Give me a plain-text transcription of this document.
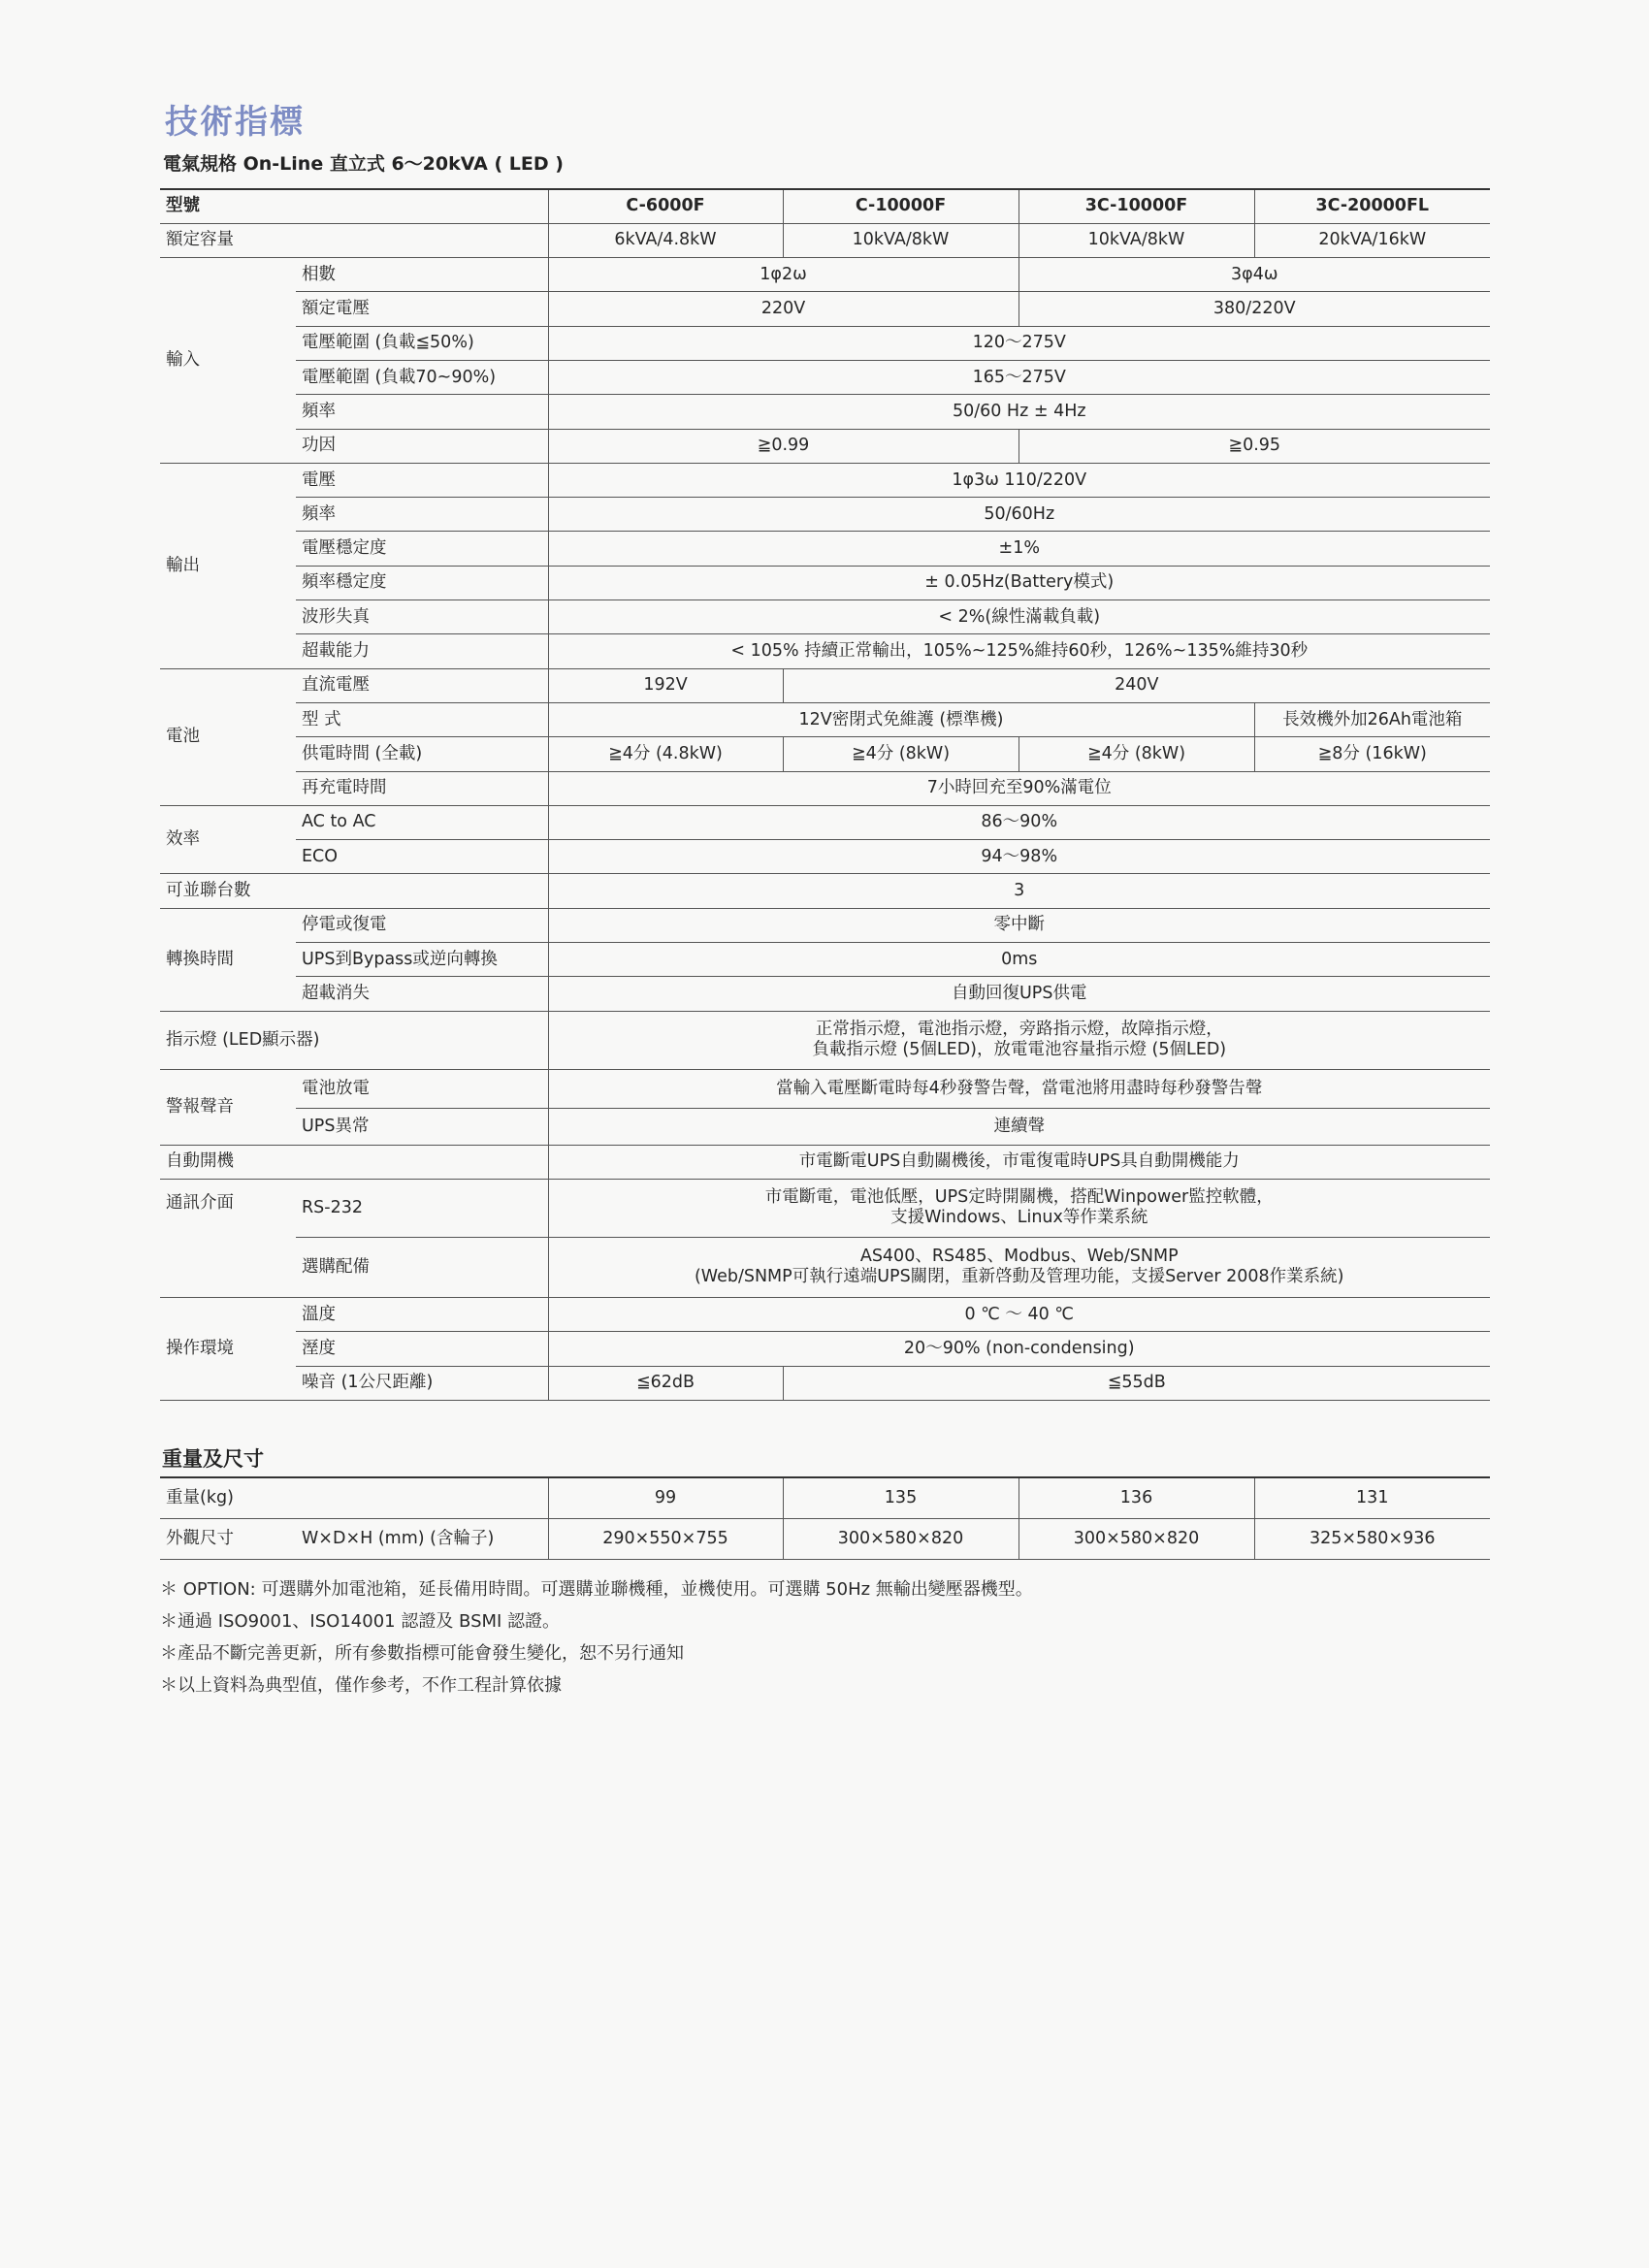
技術指標
電氣規格 On-Line 直立式 6～20kVA ( LED )
型號		C-6000F	C-10000F	3C-10000F	3C-20000FL
額定容量		6kVA/4.8kW	10kVA/8kW	10kVA/8kW	20kVA/16kW
輸入	相數	1φ2ω		3φ4ω	
	額定電壓	220V		380/220V	
	電壓範圍 (負載≦50%)	120～275V			
	電壓範圍 (負載70~90%)	165～275V			
	頻率	50/60 Hz ± 4Hz			
	功因	≧0.99		≧0.95	
輸出	電壓	1φ3ω 110/220V			
	頻率	50/60Hz			
	電壓穩定度	±1%			
	頻率穩定度	± 0.05Hz(Battery模式)			
	波形失真	< 2%(線性滿載負載)			
	超載能力	< 105% 持續正常輸出，105%~125%維持60秒，126%~135%維持30秒			
電池	直流電壓	192V	240V		
	型 式	12V密閉式免維護 (標準機)			長效機外加26Ah電池箱
	供電時間 (全載)	≧4分 (4.8kW)	≧4分 (8kW)	≧4分 (8kW)	≧8分 (16kW)
	再充電時間	7小時回充至90%滿電位			
效率	AC to AC	86～90%			
	ECO	94～98%			
可並聯台數		3			
轉換時間	停電或復電	零中斷			
	UPS到Bypass或逆向轉換	0ms			
	超載消失	自動回復UPS供電			
指示燈 (LED顯示器)		正常指示燈，電池指示燈，旁路指示燈，故障指示燈，
負載指示燈 (5個LED)，放電電池容量指示燈 (5個LED)			

警報聲音	電池放電	當輸入電壓斷電時每4秒發警告聲，當電池將用盡時每秒發警告聲			
	UPS異常	連續聲			
自動開機		市電斷電UPS自動關機後，市電復電時UPS具自動開機能力			
通訊介面	RS-232	市電斷電，電池低壓，UPS定時開關機，搭配Winpower監控軟體，
支援Windows、Linux等作業系統			

	選購配備	AS400、RS485、Modbus、Web/SNMP
(Web/SNMP可執行遠端UPS關閉，重新啓動及管理功能，支援Server 2008作業系統)			

操作環境	溫度	0 ℃ ～ 40 ℃			
	溼度	20～90% (non-condensing)			
	噪音 (1公尺距離)	≦62dB	≦55dB		
重量及尺寸
重量(kg)		99	135	136	131
外觀尺寸	W×D×H (mm) (含輪子)	290×550×755	300×580×820	300×580×820	325×580×936
＊ OPTION: 可選購外加電池箱，延長備用時間。可選購並聯機種，並機使用。可選購 50Hz 無輸出變壓器機型。
＊通過 ISO9001、ISO14001 認證及 BSMI 認證。
＊產品不斷完善更新，所有參數指標可能會發生變化，恕不另行通知
＊以上資料為典型值，僅作參考，不作工程計算依據
